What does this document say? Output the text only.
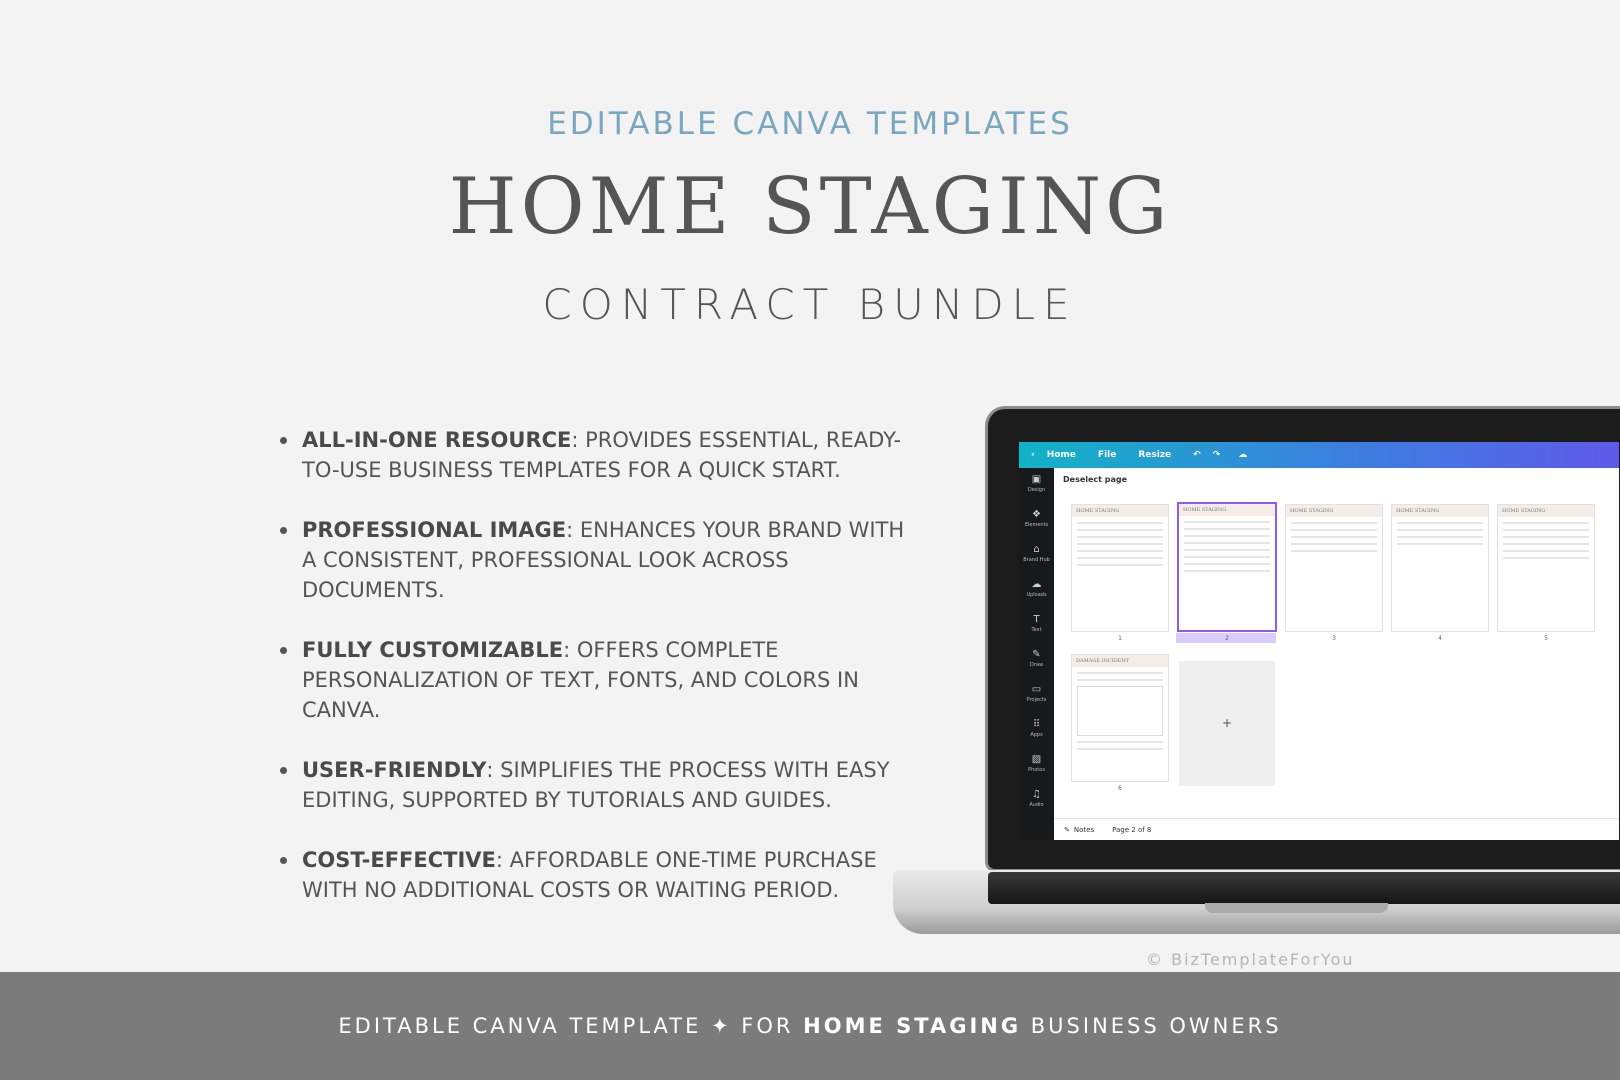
EDITABLE CANVA TEMPLATES
HOME STAGING
CONTRACT BUNDLE
ALL-IN-ONE RESOURCE: PROVIDES ESSENTIAL, READY-TO-USE BUSINESS TEMPLATES FOR A QUICK START.
PROFESSIONAL IMAGE: ENHANCES YOUR BRAND WITH A CONSISTENT, PROFESSIONAL LOOK ACROSS DOCUMENTS.
FULLY CUSTOMIZABLE: OFFERS COMPLETE PERSONALIZATION OF TEXT, FONTS, AND COLORS IN CANVA.
USER-FRIENDLY: SIMPLIFIES THE PROCESS WITH EASY EDITING, SUPPORTED BY TUTORIALS AND GUIDES.
COST-EFFECTIVE: AFFORDABLE ONE-TIME PURCHASE WITH NO ADDITIONAL COSTS OR WAITING PERIOD.
‹ Home File Resize ↶ ↷ ☁
▣
Design
❖
Elements
⌂
Brand Hub
☁
Uploads
T
Text
✎
Draw
▭
Projects
⠿
Apps
▨
Photos
♫
Audio
Deselect page
HOME STAGING
1
HOME STAGING
2
HOME STAGING
3
HOME STAGING
4
HOME STAGING
5
DAMAGE INCIDENT
6
+
✎ Notes	Page 2 of 8
© BizTemplateForYou
EDITABLE CANVA TEMPLATE ✦ FOR HOME STAGING BUSINESS OWNERS
